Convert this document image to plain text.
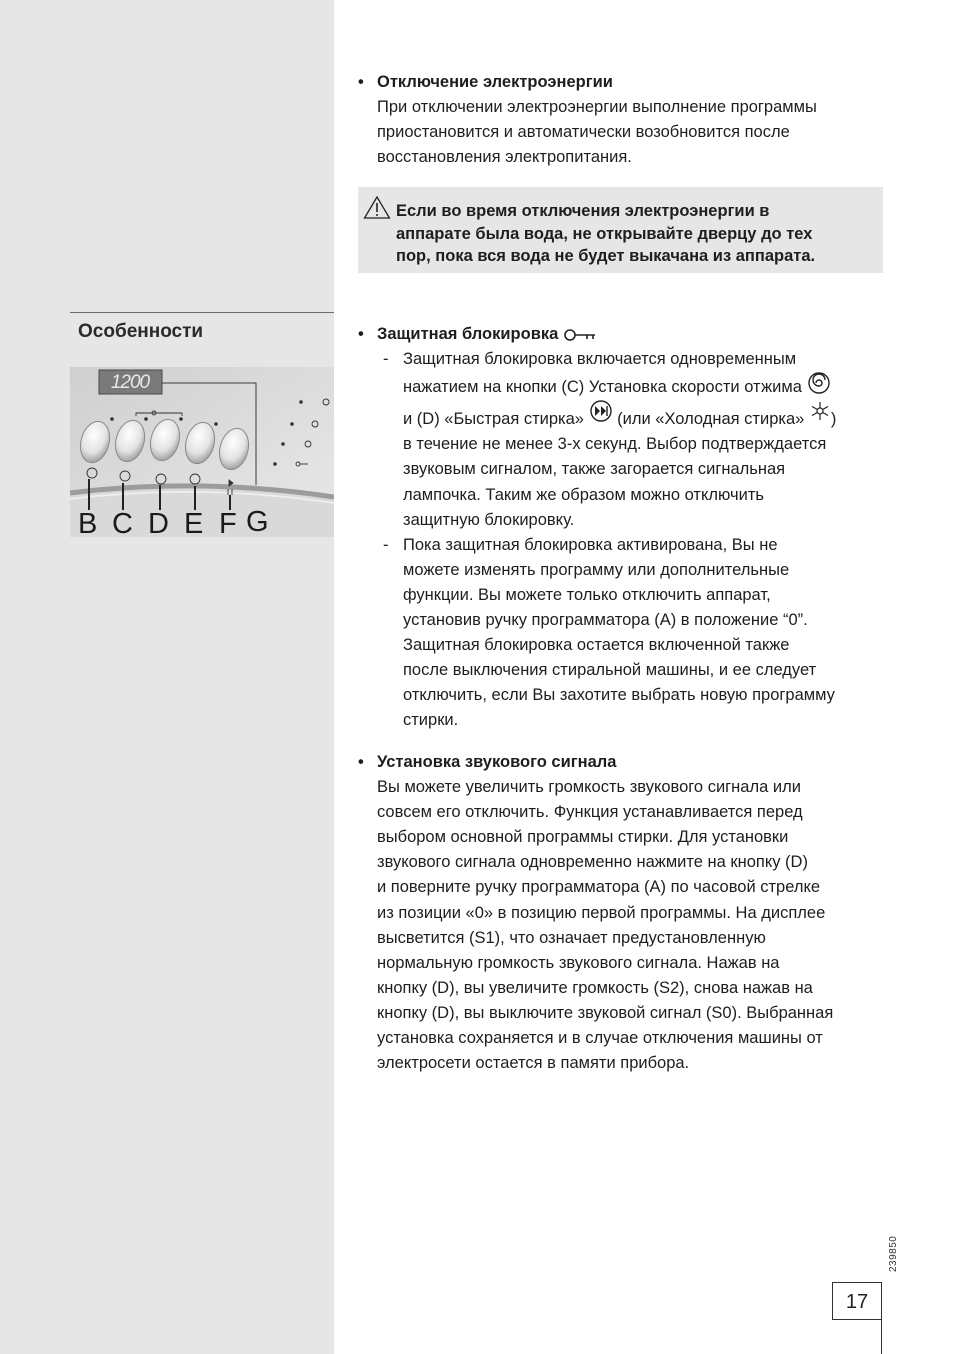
Особенности
1200
B C D E F G
• Отключение электроэнергии
При отключении электроэнергии выполнение программы
приостановится и автоматически возобновится после
восстановления электропитания.
Если во время отключения электроэнергии в
аппарате была вода, не открывайте дверцу до тех
пор, пока вся вода не будет выкачана из аппарата.
• Защитная блокировка
- Защитная блокировка включается одновременным
нажатием на кнопки (C) Установка скорости отжима
и (D) «Быстрая стирка» (или «Холодная стирка» )
в течение не менее 3-х секунд. Выбор подтверждается
звуковым сигналом, также загорается сигнальная
лампочка. Таким же образом можно отключить
защитную блокировку.
- Пока защитная блокировка активирована, Вы не
можете изменять программу или дополнительные
функции. Вы можете только отключить аппарат,
установив ручку программатора (A) в положение “0”.
Защитная блокировка остается включенной также
после выключения стиральной машины, и ее следует
отключить, если Вы захотите выбрать новую программу
стирки.
• Установка звукового сигнала
Вы можете увеличить громкость звукового сигнала или
совсем его отключить. Функция устанавливается перед
выбором основной программы стирки. Для установки
звукового сигнала одновременно нажмите на кнопку (D)
и поверните ручку программатора (A) по часовой стрелке
из позиции «0» в позицию первой программы. На дисплее
высветится (S1), что означает предустановленную
нормальную громкость звукового сигнала. Нажав на
кнопку (D), вы увеличите громкость (S2), снова нажав на
кнопку (D), вы выключите звуковой сигнал (S0). Выбранная
установка сохраняется и в случае отключения машины от
электросети остается в памяти прибора.
239850
17
